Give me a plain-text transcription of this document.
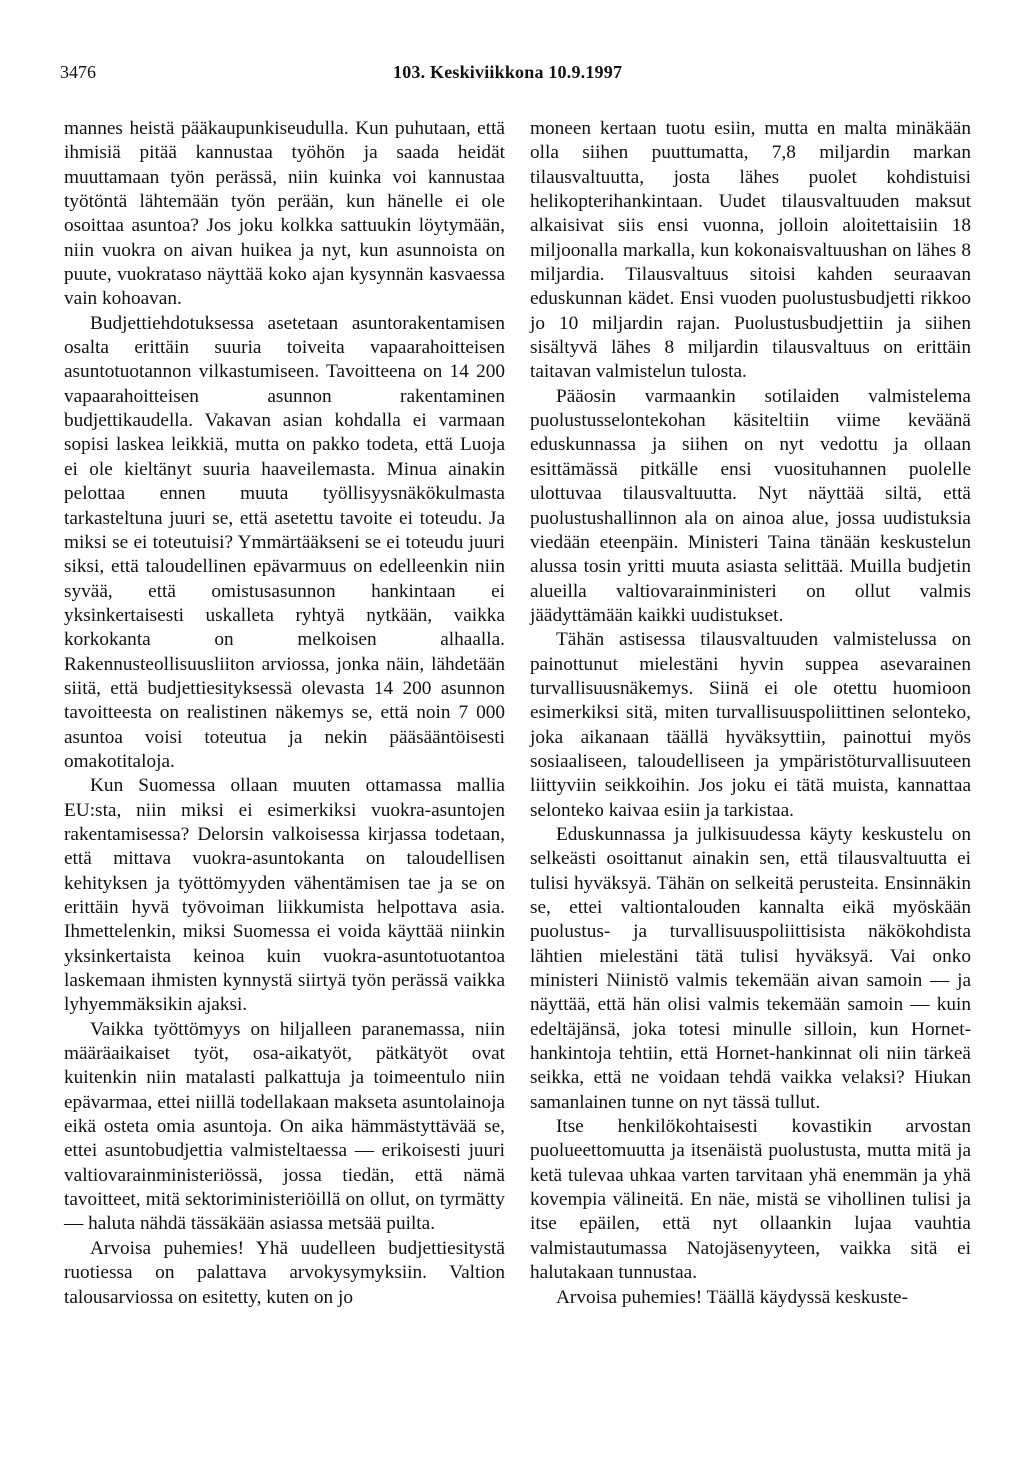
3476	103. Keskiviikkona 10.9.1997

mannes heistä pääkaupunkiseudulla. Kun puhutaan, että ihmisiä pitää kannustaa työhön ja saada heidät muuttamaan työn perässä, niin kuinka voi kannustaa työtöntä lähtemään työn perään, kun hänelle ei ole osoittaa asuntoa? Jos joku kolkka sattuukin löytymään, niin vuokra on aivan huikea ja nyt, kun asunnoista on puute, vuokrataso näyttää koko ajan kysynnän kasvaessa vain kohoavan.

Budjettiehdotuksessa asetetaan asuntorakentamisen osalta erittäin suuria toiveita vapaarahoitteisen asuntotuotannon vilkastumiseen. Tavoitteena on 14 200 vapaarahoitteisen asunnon rakentaminen budjettikaudella. Vakavan asian kohdalla ei varmaan sopisi laskea leikkiä, mutta on pakko todeta, että Luoja ei ole kieltänyt suuria haaveilemasta. Minua ainakin pelottaa ennen muuta työllisyysnäkökulmasta tarkasteltuna juuri se, että asetettu tavoite ei toteudu. Ja miksi se ei toteutuisi? Ymmärtääkseni se ei toteudu juuri siksi, että taloudellinen epävarmuus on edelleenkin niin syvää, että omistusasunnon hankintaan ei yksinkertaisesti uskalleta ryhtyä nytkään, vaikka korkokanta on melkoisen alhaalla. Rakennusteollisuusliiton arviossa, jonka näin, lähdetään siitä, että budjettiesityksessä olevasta 14 200 asunnon tavoitteesta on realistinen näkemys se, että noin 7 000 asuntoa voisi toteutua ja nekin pääsääntöisesti omakotitaloja.

Kun Suomessa ollaan muuten ottamassa mallia EU:sta, niin miksi ei esimerkiksi vuokra-asuntojen rakentamisessa? Delorsin valkoisessa kirjassa todetaan, että mittava vuokra-asuntokanta on taloudellisen kehityksen ja työttömyyden vähentämisen tae ja se on erittäin hyvä työvoiman liikkumista helpottava asia. Ihmettelenkin, miksi Suomessa ei voida käyttää niinkin yksinkertaista keinoa kuin vuokra-asuntotuotantoa laskemaan ihmisten kynnystä siirtyä työn perässä vaikka lyhyemmäksikin ajaksi.

Vaikka työttömyys on hiljalleen paranemassa, niin määräaikaiset työt, osa-aikatyöt, pätkätyöt ovat kuitenkin niin matalasti palkattuja ja toimeentulo niin epävarmaa, ettei niillä todellakaan makseta asuntolainoja eikä osteta omia asuntoja. On aika hämmästyttävää se, ettei asuntobudjettia valmisteltaessa — erikoisesti juuri valtiovarainministeriössä, jossa tiedän, että nämä tavoitteet, mitä sektoriministeriöillä on ollut, on tyrmätty — haluta nähdä tässäkään asiassa metsää puilta.

Arvoisa puhemies! Yhä uudelleen budjettiesitystä ruotiessa on palattava arvokysymyksiin. Valtion talousarviossa on esitetty, kuten on jo

moneen kertaan tuotu esiin, mutta en malta minäkään olla siihen puuttumatta, 7,8 miljardin markan tilausvaltuutta, josta lähes puolet kohdistuisi helikopterihankintaan. Uudet tilausvaltuuden maksut alkaisivat siis ensi vuonna, jolloin aloitettaisiin 18 miljoonalla markalla, kun kokonaisvaltuushan on lähes 8 miljardia. Tilausvaltuus sitoisi kahden seuraavan eduskunnan kädet. Ensi vuoden puolustusbudjetti rikkoo jo 10 miljardin rajan. Puolustusbudjettiin ja siihen sisältyvä lähes 8 miljardin tilausvaltuus on erittäin taitavan valmistelun tulosta.

Pääosin varmaankin sotilaiden valmistelema puolustusselontekohan käsiteltiin viime keväänä eduskunnassa ja siihen on nyt vedottu ja ollaan esittämässä pitkälle ensi vuosituhannen puolelle ulottuvaa tilausvaltuutta. Nyt näyttää siltä, että puolustushallinnon ala on ainoa alue, jossa uudistuksia viedään eteenpäin. Ministeri Taina tänään keskustelun alussa tosin yritti muuta asiasta selittää. Muilla budjetin alueilla valtiovarainministeri on ollut valmis jäädyttämään kaikki uudistukset.

Tähän astisessa tilausvaltuuden valmistelussa on painottunut mielestäni hyvin suppea asevarainen turvallisuusnäkemys. Siinä ei ole otettu huomioon esimerkiksi sitä, miten turvallisuuspoliittinen selonteko, joka aikanaan täällä hyväksyttiin, painottui myös sosiaaliseen, taloudelliseen ja ympäristöturvallisuuteen liittyviin seikkoihin. Jos joku ei tätä muista, kannattaa selonteko kaivaa esiin ja tarkistaa.

Eduskunnassa ja julkisuudessa käyty keskustelu on selkeästi osoittanut ainakin sen, että tilausvaltuutta ei tulisi hyväksyä. Tähän on selkeitä perusteita. Ensinnäkin se, ettei valtiontalouden kannalta eikä myöskään puolustus- ja turvallisuuspoliittisista näkökohdista lähtien mielestäni tätä tulisi hyväksyä. Vai onko ministeri Niinistö valmis tekemään aivan samoin — ja näyttää, että hän olisi valmis tekemään samoin — kuin edeltäjänsä, joka totesi minulle silloin, kun Hornet-hankintoja tehtiin, että Hornet-hankinnat oli niin tärkeä seikka, että ne voidaan tehdä vaikka velaksi? Hiukan samanlainen tunne on nyt tässä tullut.

Itse henkilökohtaisesti kovastikin arvostan puolueettomuutta ja itsenäistä puolustusta, mutta mitä ja ketä tulevaa uhkaa varten tarvitaan yhä enemmän ja yhä kovempia välineitä. En näe, mistä se vihollinen tulisi ja itse epäilen, että nyt ollaankin lujaa vauhtia valmistautumassa Natojäsenyyteen, vaikka sitä ei halutakaan tunnustaa.

Arvoisa puhemies! Täällä käydyssä keskuste-
